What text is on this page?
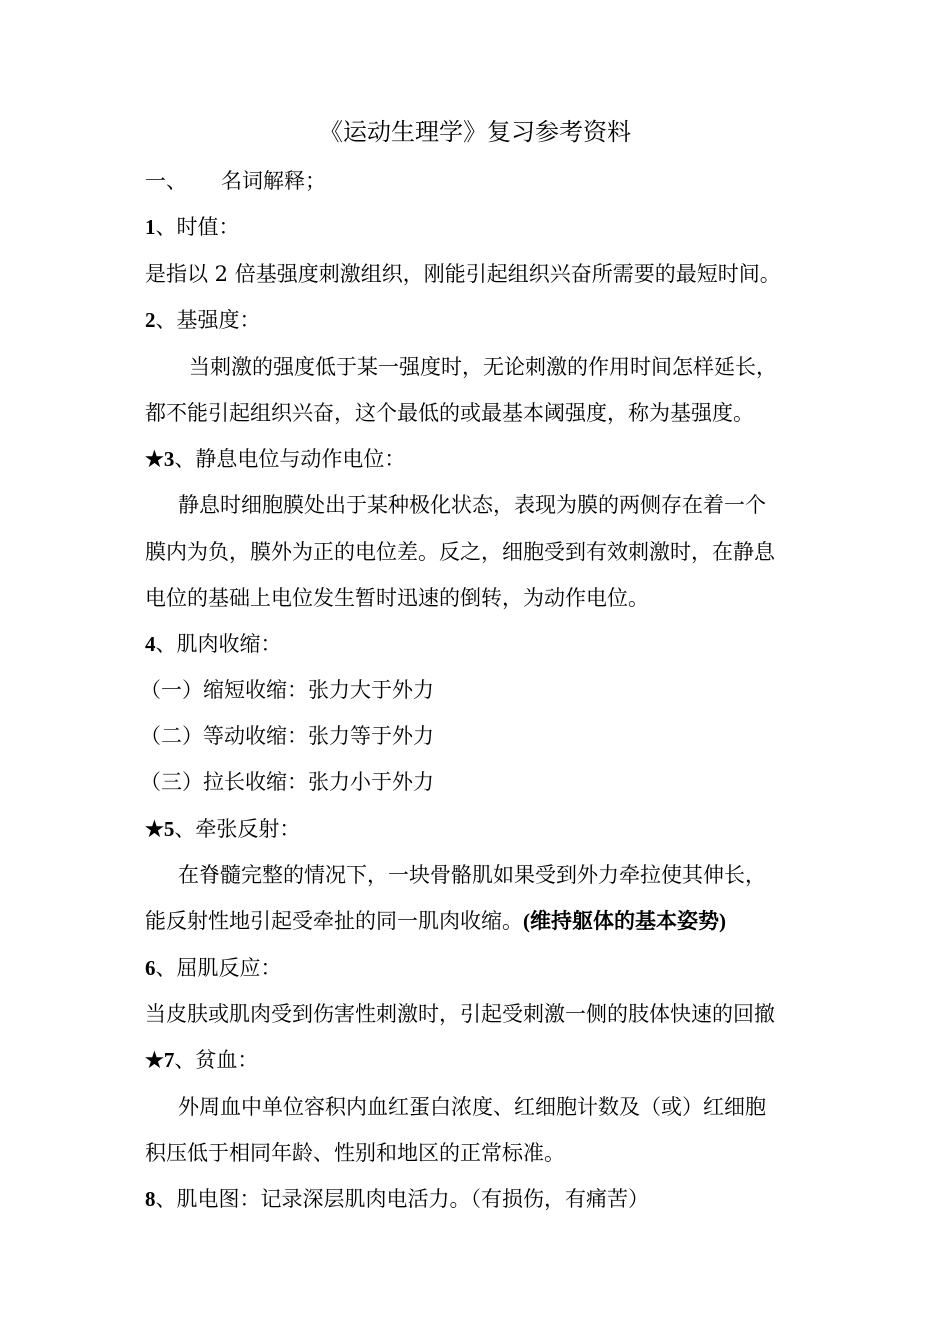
《运动生理学》复习参考资料
一、 名词解释；
1、时值：
是指以 2 倍基强度刺激组织，刚能引起组织兴奋所需要的最短时间。
2、基强度：
当刺激的强度低于某一强度时，无论刺激的作用时间怎样延长，
都不能引起组织兴奋，这个最低的或最基本阈强度，称为基强度。
★3、静息电位与动作电位：
静息时细胞膜处出于某种极化状态，表现为膜的两侧存在着一个
膜内为负，膜外为正的电位差。反之，细胞受到有效刺激时，在静息
电位的基础上电位发生暂时迅速的倒转，为动作电位。
4、肌肉收缩：
（一）缩短收缩：张力大于外力
（二）等动收缩：张力等于外力
（三）拉长收缩：张力小于外力
★5、牵张反射：
在脊髓完整的情况下，一块骨骼肌如果受到外力牵拉使其伸长，
能反射性地引起受牵扯的同一肌肉收缩。(维持躯体的基本姿势)
6、屈肌反应：
当皮肤或肌肉受到伤害性刺激时，引起受刺激一侧的肢体快速的回撤
★7、贫血：
外周血中单位容积内血红蛋白浓度、红细胞计数及（或）红细胞
积压低于相同年龄、性别和地区的正常标准。
8、肌电图：记录深层肌肉电活力。（有损伤，有痛苦）
